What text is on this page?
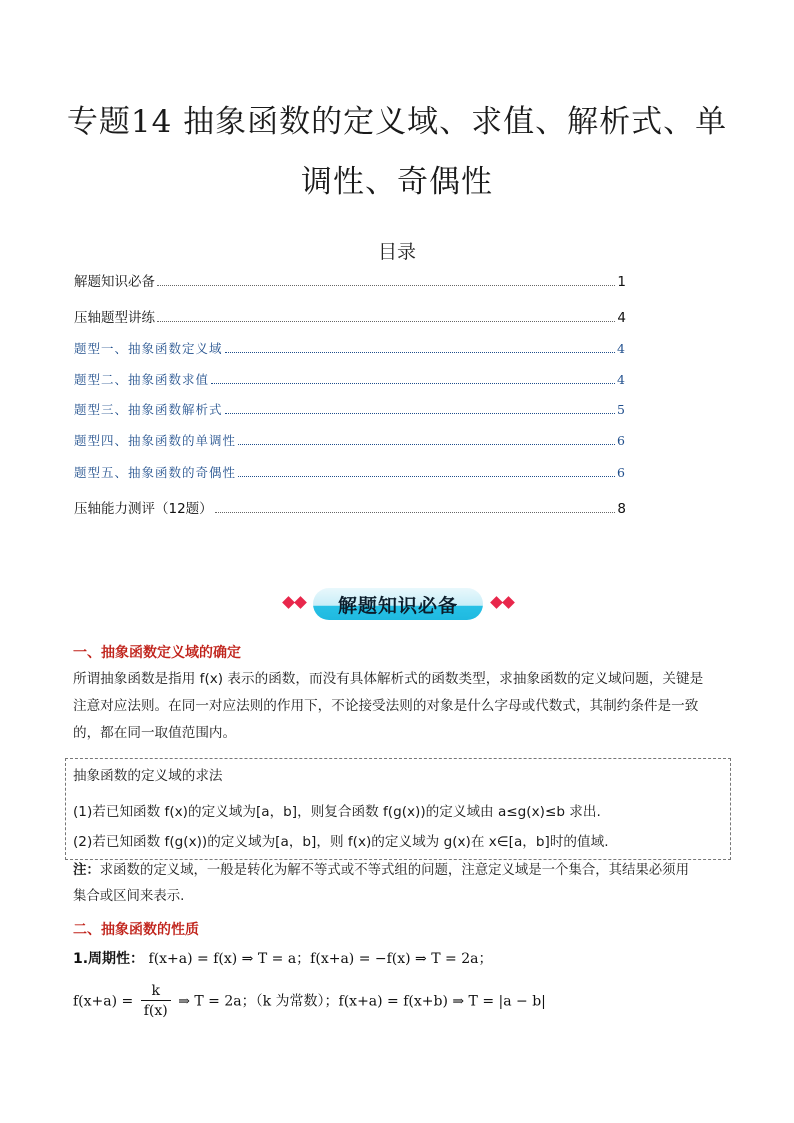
专题14 抽象函数的定义域、求值、解析式、单
调性、奇偶性
目录
解题知识必备	1
压轴题型讲练	4
题型一、抽象函数定义域	4
题型二、抽象函数求值	4
题型三、抽象函数解析式	5
题型四、抽象函数的单调性	6
题型五、抽象函数的奇偶性	6
压轴能力测评（12题）	8
解题知识必备
一、抽象函数定义域的确定
所谓抽象函数是指用 f(x) 表示的函数，而没有具体解析式的函数类型，求抽象函数的定义域问题，关键是
注意对应法则。在同一对应法则的作用下，不论接受法则的对象是什么字母或代数式，其制约条件是一致
的，都在同一取值范围内。
抽象函数的定义域的求法
(1)若已知函数 f(x)的定义域为[a，b]，则复合函数 f(g(x))的定义域由 a≤g(x)≤b 求出.
(2)若已知函数 f(g(x))的定义域为[a，b]，则 f(x)的定义域为 g(x)在 x∈[a，b]时的值域.
注：求函数的定义域，一般是转化为解不等式或不等式组的问题，注意定义域是一个集合，其结果必须用
集合或区间来表示.
二、抽象函数的性质
1.周期性： f(x+a) = f(x) ⇒ T = a；f(x+a) = −f(x) ⇒ T = 2a；
$f(x+a) = \frac{k}{f(x)}$ ⇒ T = 2a；（k 为常数）；f(x+a) = f(x+b) ⇒ T = |a − b|
